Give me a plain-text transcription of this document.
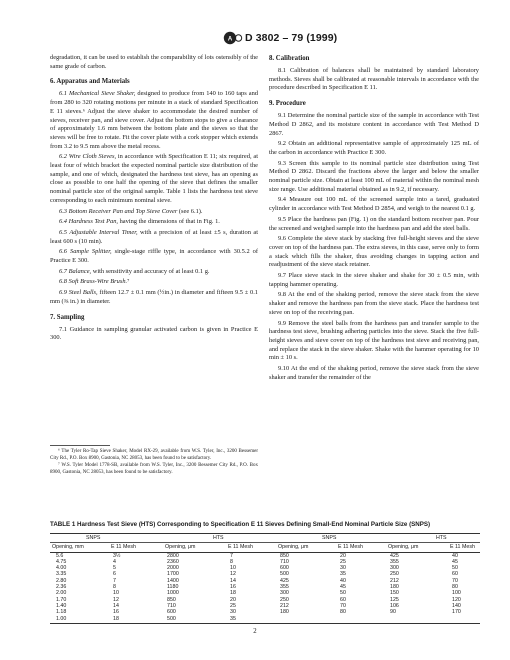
A D 3802 – 79 (1999)

degradation, it can be used to establish the comparability of lots ostensibly of the same grade of carbon.

6. Apparatus and Materials

6.1 Mechanical Sieve Shaker, designed to produce from 140 to 160 taps and from 280 to 320 rotating motions per minute in a stack of standard Specification E 11 sieves.⁶ Adjust the sieve shaker to accommodate the desired number of sieves, receiver pan, and sieve cover. Adjust the bottom stops to give a clearance of approximately 1.6 mm between the bottom plate and the sieves so that the sieves will be free to rotate. Fit the cover plate with a cork stopper which extends from 3.2 to 9.5 mm above the metal recess.

6.2 Wire Cloth Sieves, in accordance with Specification E 11; six required, at least four of which bracket the expected nominal particle size distribution of the sample, and one of which, designated the hardness test sieve, has an opening as close as possible to one half the opening of the sieve that defines the smaller nominal particle size of the original sample. Table 1 lists the hardness test sieve corresponding to each minimum nominal sieve.

6.3 Bottom Receiver Pan and Top Sieve Cover (see 6.1).

6.4 Hardness Test Pan, having the dimensions of that in Fig. 1.

6.5 Adjustable Interval Timer, with a precision of at least ±5 s, duration at least 600 s (10 min).

6.6 Sample Splitter, single-stage riffle type, in accordance with 30.5.2 of Practice E 300.

6.7 Balance, with sensitivity and accuracy of at least 0.1 g.

6.8 Soft Brass-Wire Brush.⁷

6.9 Steel Balls, fifteen 12.7 ± 0.1 mm (½in.) in diameter and fifteen 9.5 ± 0.1 mm (⅜ in.) in diameter.

7. Sampling

7.1 Guidance in sampling granular activated carbon is given in Practice E 300.

⁶ The Tyler Ro-Tap Sieve Shaker, Model RX-29, available from W.S. Tyler, Inc., 3200 Bessemer City Rd., P.O. Box 8900, Gastonia, NC 28053, has been found to be satisfactory.

⁷ W.S. Tyler Model 1778-SB, available from W.S. Tyler, Inc., 3200 Bessemer City Rd., P.O. Box 8900, Gastonia, NC 28053, has been found to be satisfactory.

8. Calibration

8.1 Calibration of balances shall be maintained by standard laboratory methods. Sieves shall be calibrated at reasonable intervals in accordance with the procedure described in Specification E 11.

9. Procedure

9.1 Determine the nominal particle size of the sample in accordance with Test Method D 2862, and its moisture content in accordance with Test Method D 2867.

9.2 Obtain an additional representative sample of approximately 125 mL of the carbon in accordance with Practice E 300.

9.3 Screen this sample to its nominal particle size distribution using Test Method D 2862. Discard the fractions above the larger and below the smaller nominal particle size. Obtain at least 100 mL of material within the nominal mesh size range. Use additional material obtained as in 9.2, if necessary.

9.4 Measure out 100 mL of the screened sample into a tared, graduated cylinder in accordance with Test Method D 2854, and weigh to the nearest 0.1 g.

9.5 Place the hardness pan (Fig. 1) on the standard bottom receiver pan. Pour the screened and weighed sample into the hardness pan and add the steel balls.

9.6 Complete the sieve stack by stacking five full-height sieves and the sieve cover on top of the hardness pan. The extra sieves, in this case, serve only to form a stack which fills the shaker, thus avoiding changes in tapping action and readjustment of the sieve stack retainer.

9.7 Place sieve stack in the sieve shaker and shake for 30 ± 0.5 min, with tapping hammer operating.

9.8 At the end of the shaking period, remove the sieve stack from the sieve shaker and remove the hardness pan from the sieve stack. Place the hardness test sieve on top of the receiving pan.

9.9 Remove the steel balls from the hardness pan and transfer sample to the hardness test sieve, brushing adhering particles into the sieve. Stack the five full-height sieves and sieve cover on top of the hardness test sieve and receiving pan, and replace the stack in the sieve shaker. Shake with the hammer operating for 10 min ± 10 s.

9.10 At the end of the shaking period, remove the sieve stack from the sieve shaker and transfer the remainder of the

TABLE 1 Hardness Test Sieve (HTS) Corresponding to Specification E 11 Sieves Defining Small-End Nominal Particle Size (SNPS)
SNPS		HTS		SNPS		HTS	
Opening, mm	E 11 Mesh	Opening, μm	E 11 Mesh	Opening, μm	E 11 Mesh	Opening, μm	E 11 Mesh
5.6	3½	2800	7	850	20	425	40
4.75	4	2360	8	710	25	355	45
4.00	5	2000	10	600	30	300	50
3.35	6	1700	12	500	35	250	60
2.80	7	1400	14	425	40	212	70
2.36	8	1180	16	355	45	180	80
2.00	10	1000	18	300	50	150	100
1.70	12	850	20	250	60	125	120
1.40	14	710	25	212	70	106	140
1.18	16	600	30	180	80	90	170
1.00	18	500	35				
2
